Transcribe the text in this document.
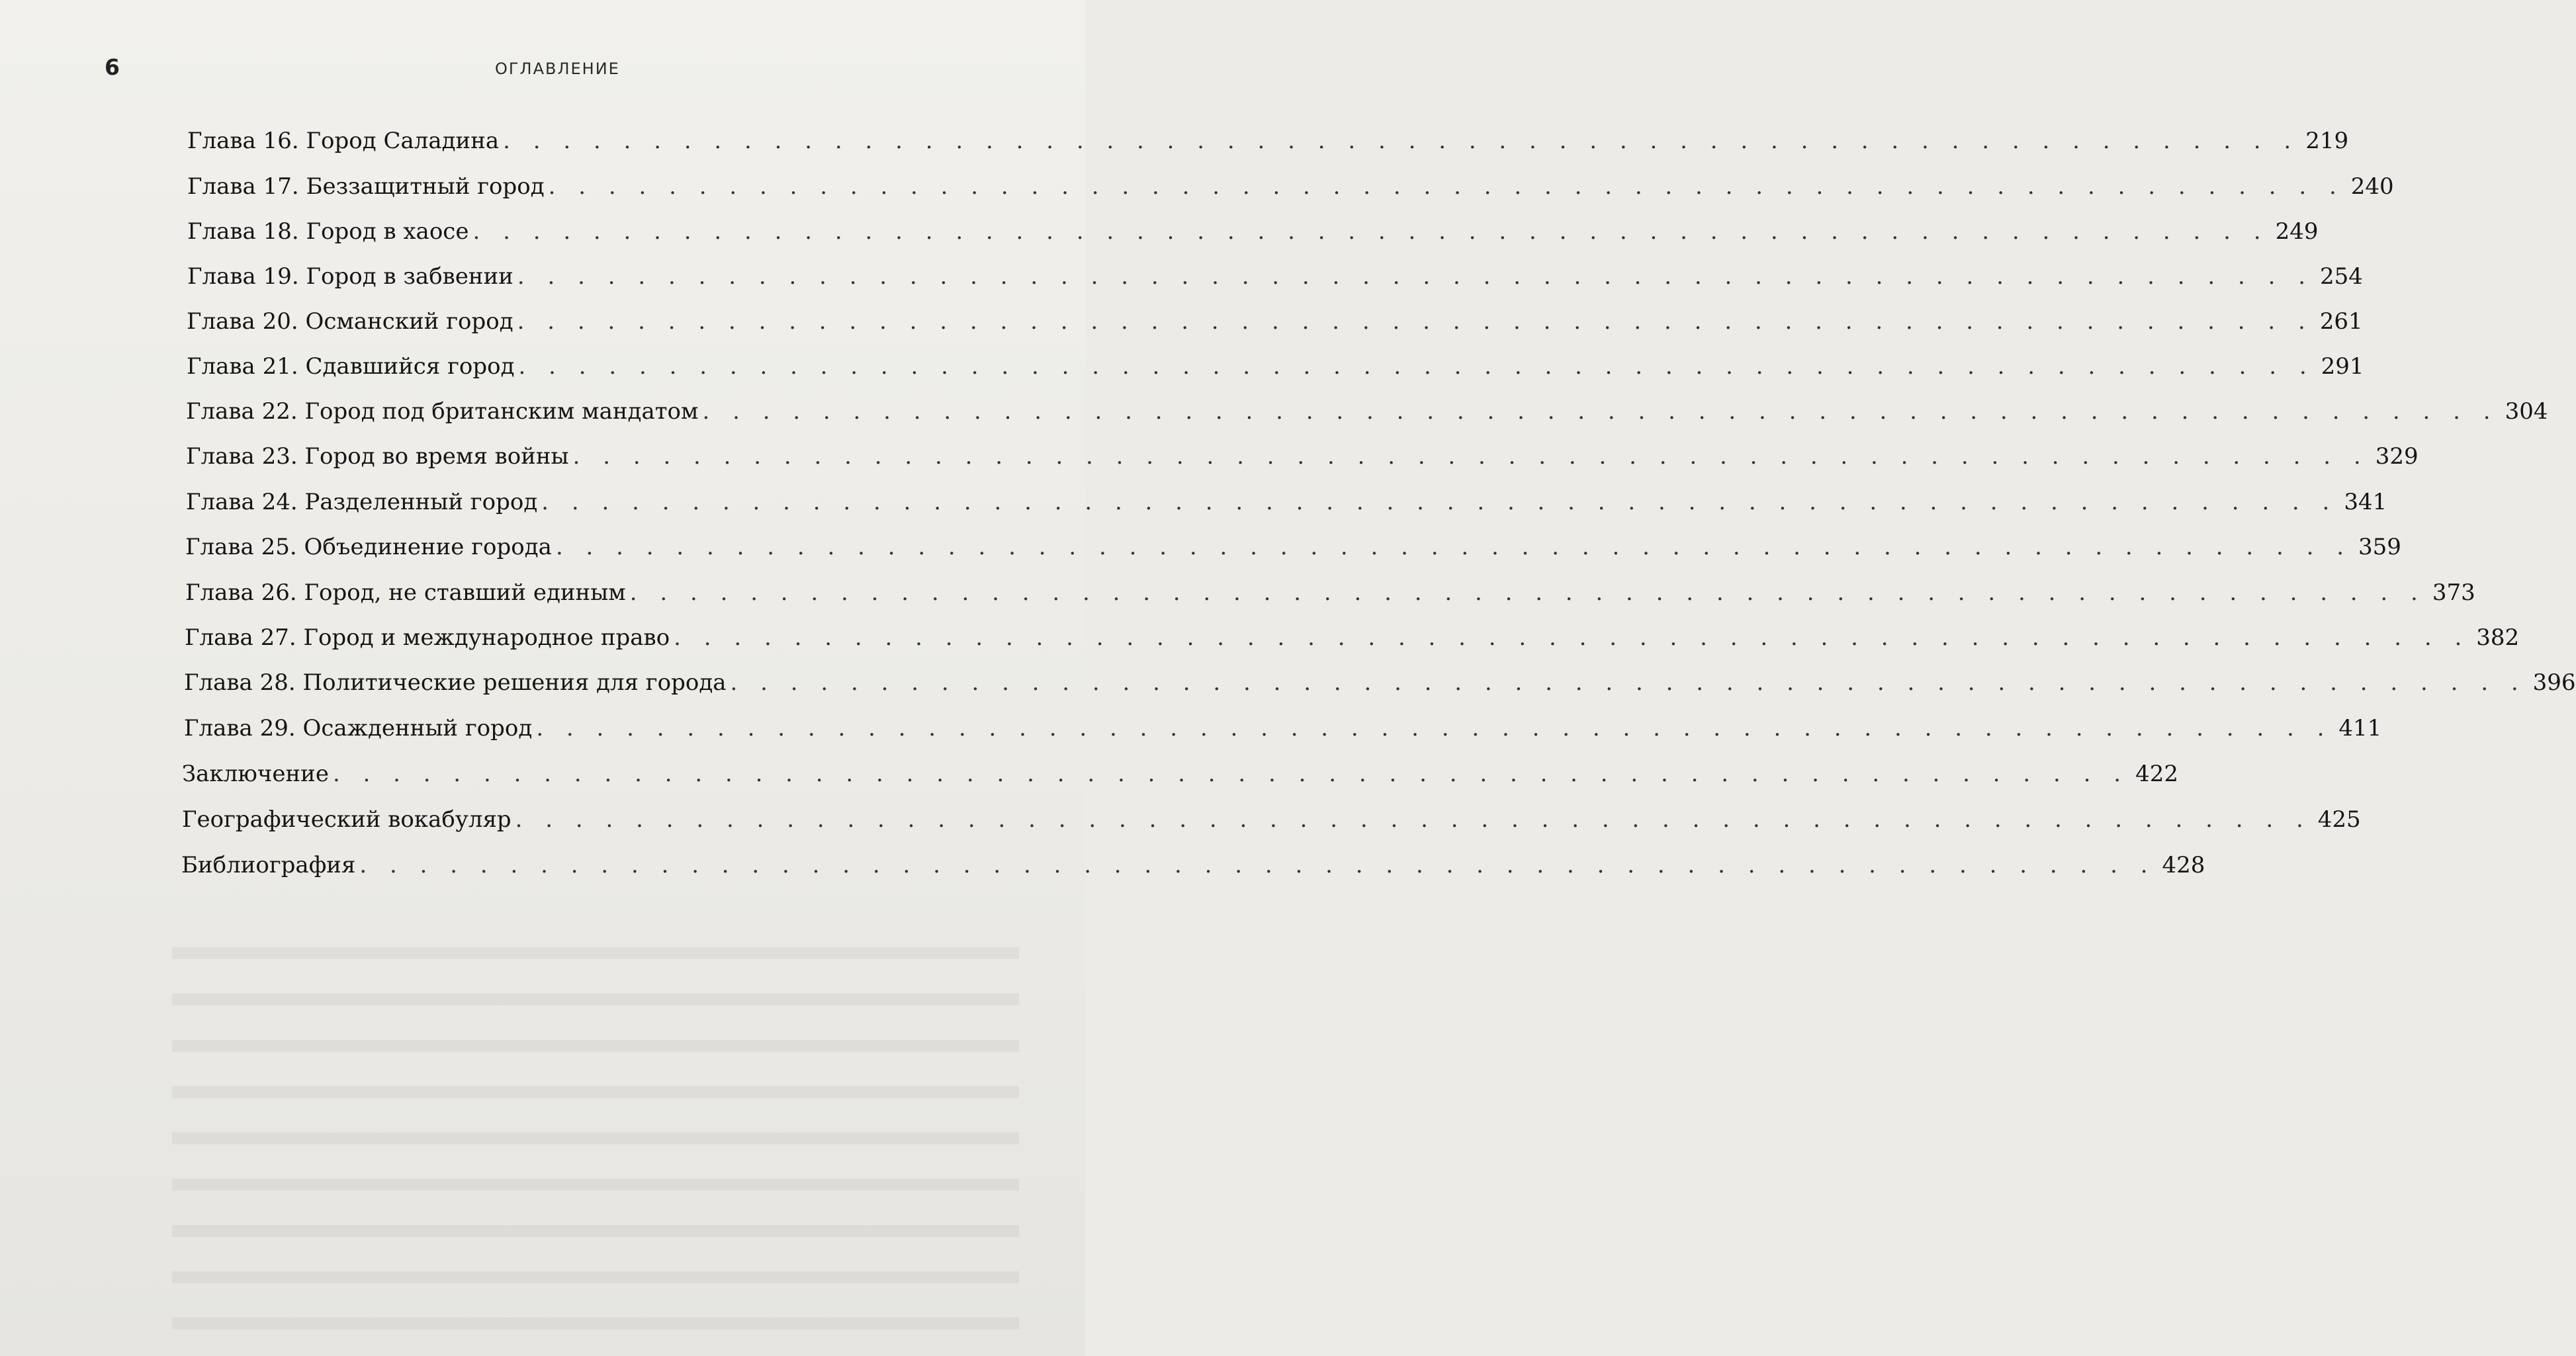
6	ОГЛАВЛЕНИЕ
Глава 16. Город Саладина . . . . . . . . . . . . . . . . . . . . . . . . . . . . . . . . . . . . . . . . . . . . . . . . . . . . . . . . . . . . 219
Глава 17. Беззащитный город . . . . . . . . . . . . . . . . . . . . . . . . . . . . . . . . . . . . . . . . . . . . . . . . . . . . . . . . . . . . 240
Глава 18. Город в хаосе . . . . . . . . . . . . . . . . . . . . . . . . . . . . . . . . . . . . . . . . . . . . . . . . . . . . . . . . . . . . 249
Глава 19. Город в забвении . . . . . . . . . . . . . . . . . . . . . . . . . . . . . . . . . . . . . . . . . . . . . . . . . . . . . . . . . . . . 254
Глава 20. Османский город . . . . . . . . . . . . . . . . . . . . . . . . . . . . . . . . . . . . . . . . . . . . . . . . . . . . . . . . . . . . 261
Глава 21. Сдавшийся город . . . . . . . . . . . . . . . . . . . . . . . . . . . . . . . . . . . . . . . . . . . . . . . . . . . . . . . . . . . . 291
Глава 22. Город под британским мандатом . . . . . . . . . . . . . . . . . . . . . . . . . . . . . . . . . . . . . . . . . . . . . . . . . . . . . . . . . . . . 304
Глава 23. Город во время войны . . . . . . . . . . . . . . . . . . . . . . . . . . . . . . . . . . . . . . . . . . . . . . . . . . . . . . . . . . . . 329
Глава 24. Разделенный город . . . . . . . . . . . . . . . . . . . . . . . . . . . . . . . . . . . . . . . . . . . . . . . . . . . . . . . . . . . . 341
Глава 25. Объединение города . . . . . . . . . . . . . . . . . . . . . . . . . . . . . . . . . . . . . . . . . . . . . . . . . . . . . . . . . . . . 359
Глава 26. Город, не ставший единым . . . . . . . . . . . . . . . . . . . . . . . . . . . . . . . . . . . . . . . . . . . . . . . . . . . . . . . . . . . . 373
Глава 27. Город и международное право . . . . . . . . . . . . . . . . . . . . . . . . . . . . . . . . . . . . . . . . . . . . . . . . . . . . . . . . . . . . 382
Глава 28. Политические решения для города . . . . . . . . . . . . . . . . . . . . . . . . . . . . . . . . . . . . . . . . . . . . . . . . . . . . . . . . . . . . 396
Глава 29. Осажденный город . . . . . . . . . . . . . . . . . . . . . . . . . . . . . . . . . . . . . . . . . . . . . . . . . . . . . . . . . . . . 411
Заключение . . . . . . . . . . . . . . . . . . . . . . . . . . . . . . . . . . . . . . . . . . . . . . . . . . . . . . . . . . . . 422
Географический вокабуляр . . . . . . . . . . . . . . . . . . . . . . . . . . . . . . . . . . . . . . . . . . . . . . . . . . . . . . . . . . . . 425
Библиография . . . . . . . . . . . . . . . . . . . . . . . . . . . . . . . . . . . . . . . . . . . . . . . . . . . . . . . . . . . . 428
